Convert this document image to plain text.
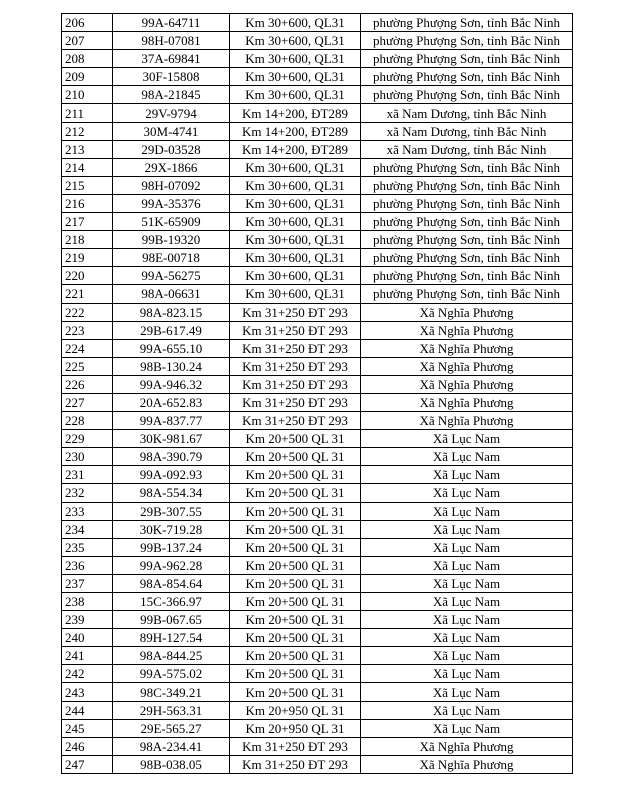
206	99A-64711	Km 30+600, QL31	phường Phượng Sơn, tỉnh Bắc Ninh
207	98H-07081	Km 30+600, QL31	phường Phượng Sơn, tỉnh Bắc Ninh
208	37A-69841	Km 30+600, QL31	phường Phượng Sơn, tỉnh Bắc Ninh
209	30F-15808	Km 30+600, QL31	phường Phượng Sơn, tỉnh Bắc Ninh
210	98A-21845	Km 30+600, QL31	phường Phượng Sơn, tỉnh Bắc Ninh
211	29V-9794	Km 14+200, ĐT289	xã Nam Dương, tỉnh Bắc Ninh
212	30M-4741	Km 14+200, ĐT289	xã Nam Dương, tỉnh Bắc Ninh
213	29D-03528	Km 14+200, ĐT289	xã Nam Dương, tỉnh Bắc Ninh
214	29X-1866	Km 30+600, QL31	phường Phượng Sơn, tỉnh Bắc Ninh
215	98H-07092	Km 30+600, QL31	phường Phượng Sơn, tỉnh Bắc Ninh
216	99A-35376	Km 30+600, QL31	phường Phượng Sơn, tỉnh Bắc Ninh
217	51K-65909	Km 30+600, QL31	phường Phượng Sơn, tỉnh Bắc Ninh
218	99B-19320	Km 30+600, QL31	phường Phượng Sơn, tỉnh Bắc Ninh
219	98E-00718	Km 30+600, QL31	phường Phượng Sơn, tỉnh Bắc Ninh
220	99A-56275	Km 30+600, QL31	phường Phượng Sơn, tỉnh Bắc Ninh
221	98A-06631	Km 30+600, QL31	phường Phượng Sơn, tỉnh Bắc Ninh
222	98A-823.15	Km 31+250 ĐT 293	Xã Nghĩa Phương
223	29B-617.49	Km 31+250 ĐT 293	Xã Nghĩa Phương
224	99A-655.10	Km 31+250 ĐT 293	Xã Nghĩa Phương
225	98B-130.24	Km 31+250 ĐT 293	Xã Nghĩa Phương
226	99A-946.32	Km 31+250 ĐT 293	Xã Nghĩa Phương
227	20A-652.83	Km 31+250 ĐT 293	Xã Nghĩa Phương
228	99A-837.77	Km 31+250 ĐT 293	Xã Nghĩa Phương
229	30K-981.67	Km 20+500 QL 31	Xã Lục Nam
230	98A-390.79	Km 20+500 QL 31	Xã Lục Nam
231	99A-092.93	Km 20+500 QL 31	Xã Lục Nam
232	98A-554.34	Km 20+500 QL 31	Xã Lục Nam
233	29B-307.55	Km 20+500 QL 31	Xã Lục Nam
234	30K-719.28	Km 20+500 QL 31	Xã Lục Nam
235	99B-137.24	Km 20+500 QL 31	Xã Lục Nam
236	99A-962.28	Km 20+500 QL 31	Xã Lục Nam
237	98A-854.64	Km 20+500 QL 31	Xã Lục Nam
238	15C-366.97	Km 20+500 QL 31	Xã Lục Nam
239	99B-067.65	Km 20+500 QL 31	Xã Lục Nam
240	89H-127.54	Km 20+500 QL 31	Xã Lục Nam
241	98A-844.25	Km 20+500 QL 31	Xã Lục Nam
242	99A-575.02	Km 20+500 QL 31	Xã Lục Nam
243	98C-349.21	Km 20+500 QL 31	Xã Lục Nam
244	29H-563.31	Km 20+950 QL 31	Xã Lục Nam
245	29E-565.27	Km 20+950 QL 31	Xã Lục Nam
246	98A-234.41	Km 31+250 ĐT 293	Xã Nghĩa Phương
247	98B-038.05	Km 31+250 ĐT 293	Xã Nghĩa Phương
